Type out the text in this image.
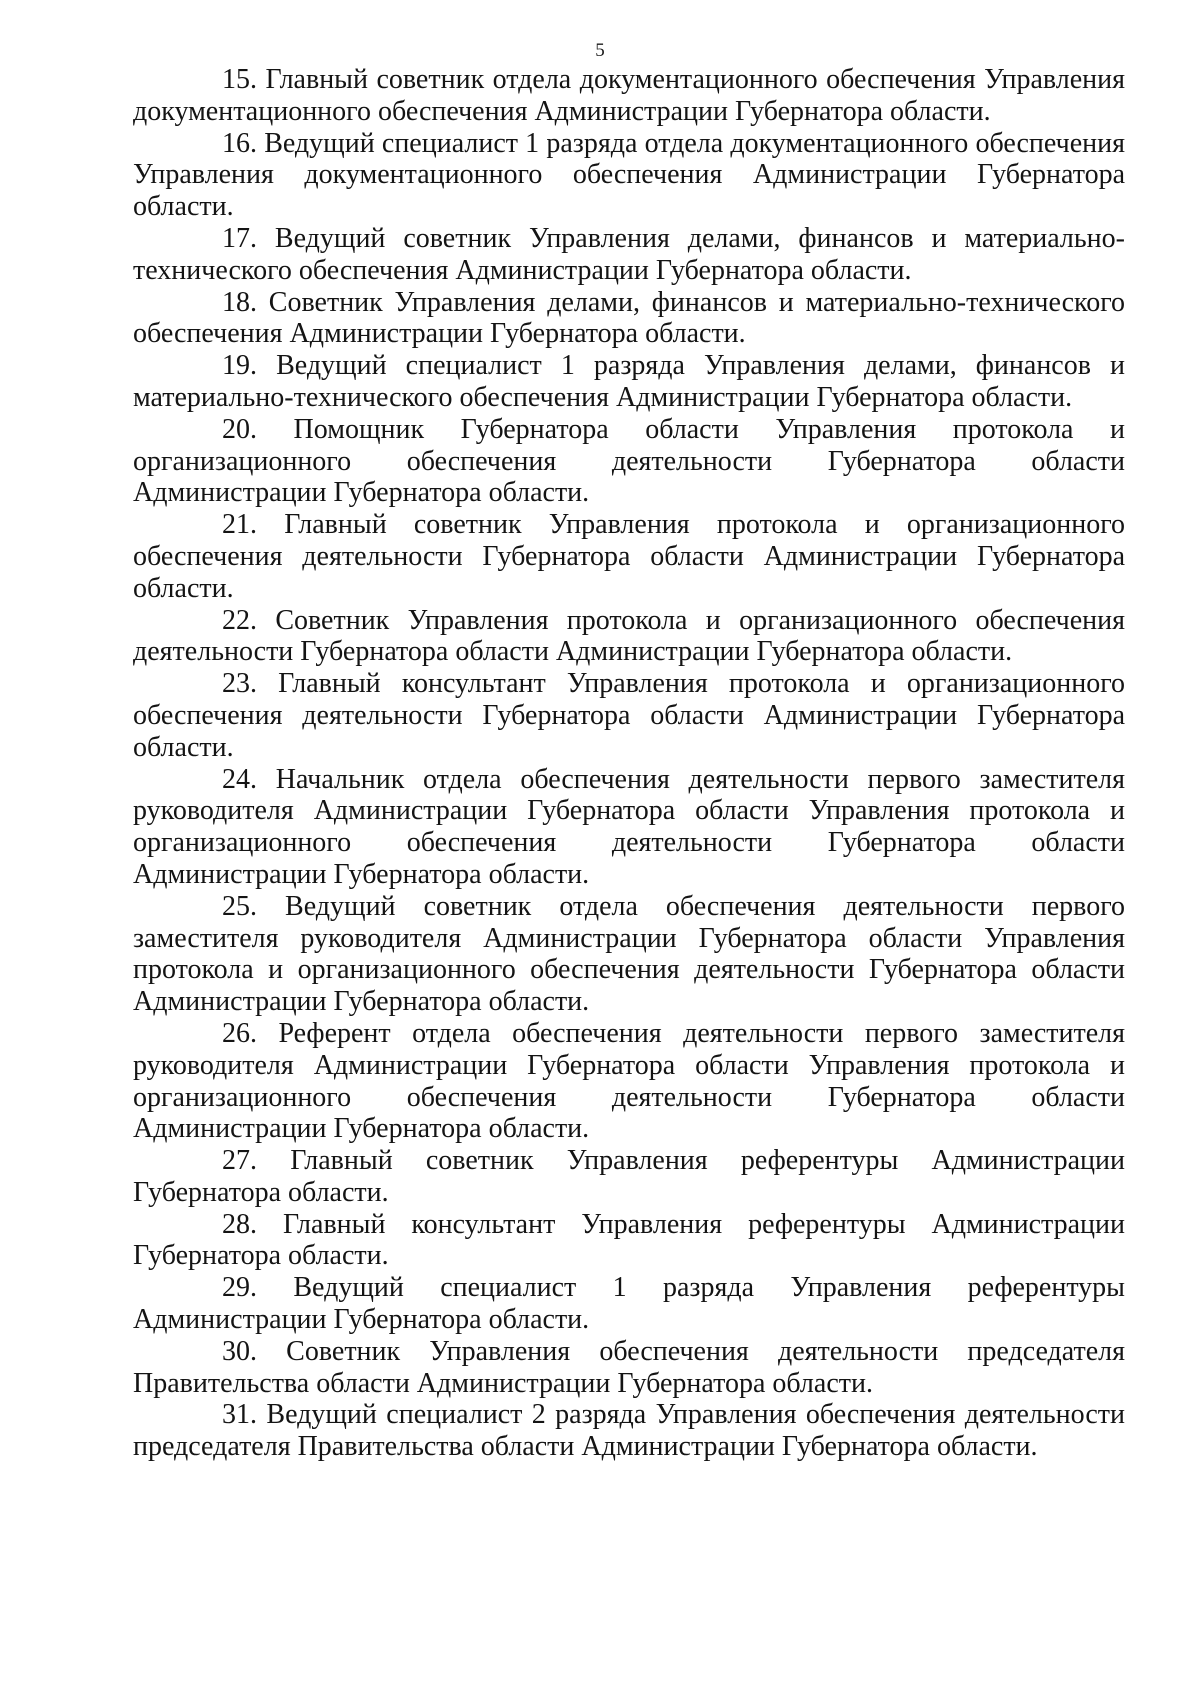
5

15. Главный советник отдела документационного обеспечения Управления документационного обеспечения Администрации Губернатора области.

16. Ведущий специалист 1 разряда отдела документационного обеспечения Управления документационного обеспечения Администрации Губернатора области.

17. Ведущий советник Управления делами, финансов и материально-технического обеспечения Администрации Губернатора области.

18. Советник Управления делами, финансов и материально-технического обеспечения Администрации Губернатора области.

19. Ведущий специалист 1 разряда Управления делами, финансов и материально-технического обеспечения Администрации Губернатора области.

20. Помощник Губернатора области Управления протокола и организационного обеспечения деятельности Губернатора области Администрации Губернатора области.

21. Главный советник Управления протокола и организационного обеспечения деятельности Губернатора области Администрации Губернатора области.

22. Советник Управления протокола и организационного обеспечения деятельности Губернатора области Администрации Губернатора области.

23. Главный консультант Управления протокола и организационного обеспечения деятельности Губернатора области Администрации Губернатора области.

24. Начальник отдела обеспечения деятельности первого заместителя руководителя Администрации Губернатора области Управления протокола и организационного обеспечения деятельности Губернатора области Администрации Губернатора области.

25. Ведущий советник отдела обеспечения деятельности первого заместителя руководителя Администрации Губернатора области Управления протокола и организационного обеспечения деятельности Губернатора области Администрации Губернатора области.

26. Референт отдела обеспечения деятельности первого заместителя руководителя Администрации Губернатора области Управления протокола и организационного обеспечения деятельности Губернатора области Администрации Губернатора области.

27. Главный советник Управления референтуры Администрации Губернатора области.

28. Главный консультант Управления референтуры Администрации Губернатора области.

29. Ведущий специалист 1 разряда Управления референтуры Администрации Губернатора области.

30. Советник Управления обеспечения деятельности председателя Правительства области Администрации Губернатора области.

31. Ведущий специалист 2 разряда Управления обеспечения деятельности председателя Правительства области Администрации Губернатора области.
